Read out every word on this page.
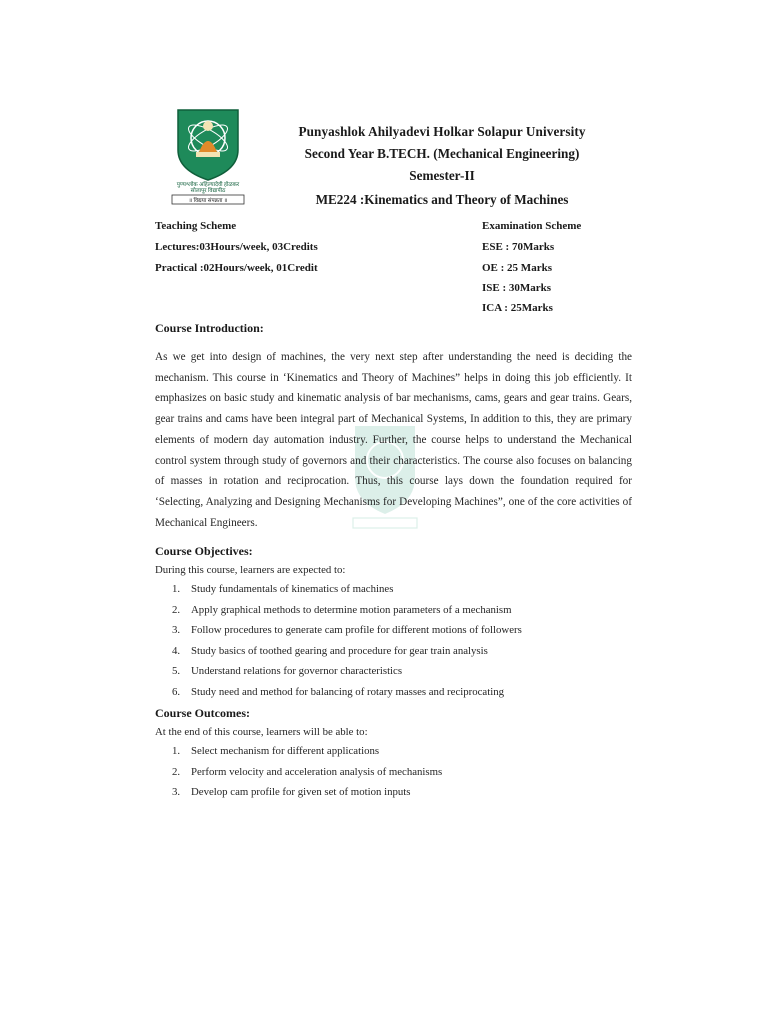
पुण्यश्लोक अहिल्यादेवी होळकर
सोलापूर विद्यापीठ
॥ विद्यया संपन्नता ॥
Punyashlok Ahilyadevi Holkar Solapur University
Second Year B.TECH. (Mechanical Engineering)
Semester-II
ME224 :Kinematics and Theory of Machines
Teaching Scheme
Lectures:03Hours/week, 03Credits
Practical :02Hours/week, 01Credit
Examination Scheme
ESE : 70Marks
OE : 25 Marks
ISE : 30Marks
ICA : 25Marks
Course Introduction:
As we get into design of machines, the very next step after understanding the need is deciding the mechanism. This course in ‘Kinematics and Theory of Machines” helps in doing this job efficiently. It emphasizes on basic study and kinematic analysis of bar mechanisms, cams, gears and gear trains. Gears, gear trains and cams have been integral part of Mechanical Systems, In addition to this, they are primary elements of modern day automation industry. Further, the course helps to understand the Mechanical control system through study of governors and their characteristics. The course also focuses on balancing of masses in rotation and reciprocation. Thus, this course lays down the foundation required for ‘Selecting, Analyzing and Designing Mechanisms for Developing Machines”, one of the core activities of Mechanical Engineers.
Course Objectives:
During this course, learners are expected to:
1. Study fundamentals of kinematics of machines
2. Apply graphical methods to determine motion parameters of a mechanism
3. Follow procedures to generate cam profile for different motions of followers
4. Study basics of toothed gearing and procedure for gear train analysis
5. Understand relations for governor characteristics
6. Study need and method for balancing of rotary masses and reciprocating
Course Outcomes:
At the end of this course, learners will be able to:
1. Select mechanism for different applications
2. Perform velocity and acceleration analysis of mechanisms
3. Develop cam profile for given set of motion inputs
